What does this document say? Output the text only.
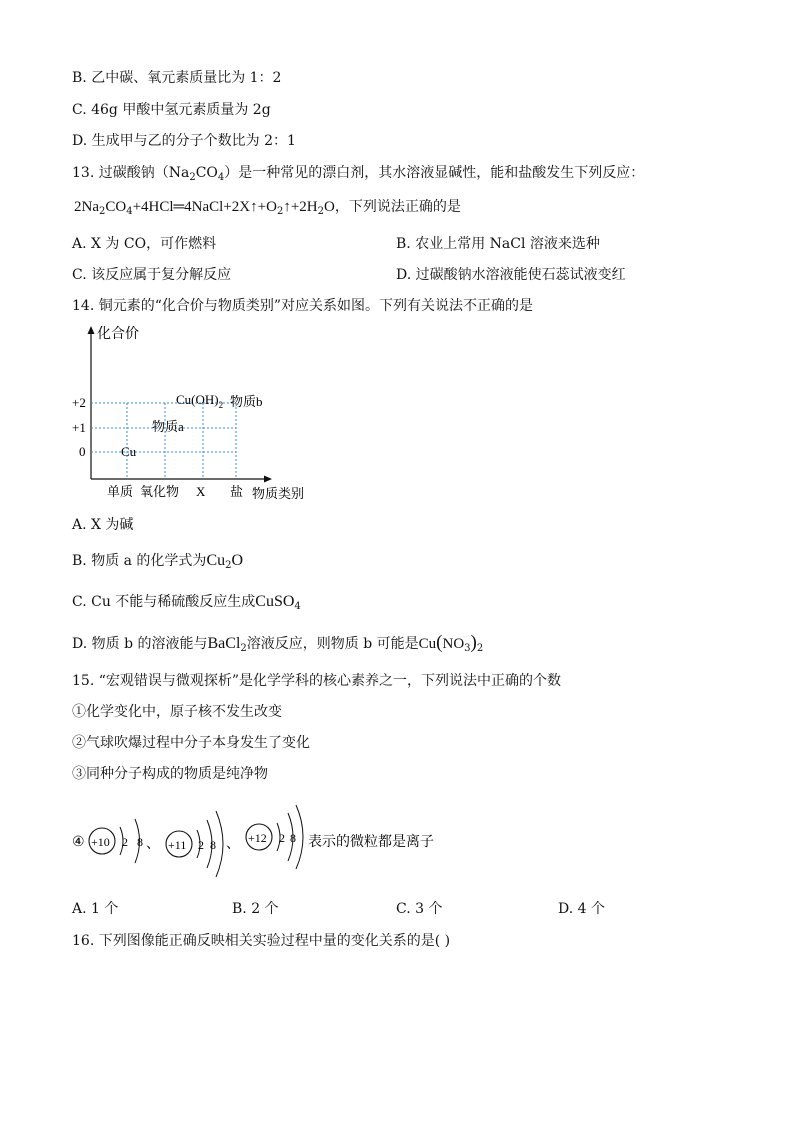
B. 乙中碳、氧元素质量比为 1：2
C. 46g 甲酸中氢元素质量为 2g
D. 生成甲与乙的分子个数比为 2：1
13. 过碳酸钠$(Na_2CO_4)$是一种常见的漂白剂，其水溶液显碱性，能和盐酸发生下列反应：
$2Na_2CO_4+4HCl═4NaCl+2X↑+O_2↑+2H_2O$，下列说法正确的是
A. X 为 CO，可作燃料	B. 农业上常用 NaCl 溶液来选种
C. 该反应属于复分解反应	D. 过碳酸钠水溶液能使石蕊试液变红
14. 铜元素的“化合价与物质类别”对应关系如图。下列有关说法不正确的是
化合价
+2
+1
0	Cu
物质a
$Cu(OH)_2$ 物质b
单质 氧化物 X 盐 物质类别
A. X 为碱
B. 物质 a 的化学式为$Cu_2O$
C. Cu 不能与稀硫酸反应生成CuSO$_4$
D. 物质 b 的溶液能与BaCl$_2$溶液反应，则物质 b 可能是$Cu(NO_3)_2$
15. “宏观错误与微观探析”是化学学科的核心素养之一，下列说法中正确的个数
①化学变化中，原子核不发生改变
②气球吹爆过程中分子本身发生了变化
③同种分子构成的物质是纯净物
④ +10 2 8 、 +11 2 8 、 +12 2 8 表示的微粒都是离子
A. 1 个	B. 2 个	C. 3 个	D. 4 个
16. 下列图像能正确反映相关实验过程中量的变化关系的是( )
